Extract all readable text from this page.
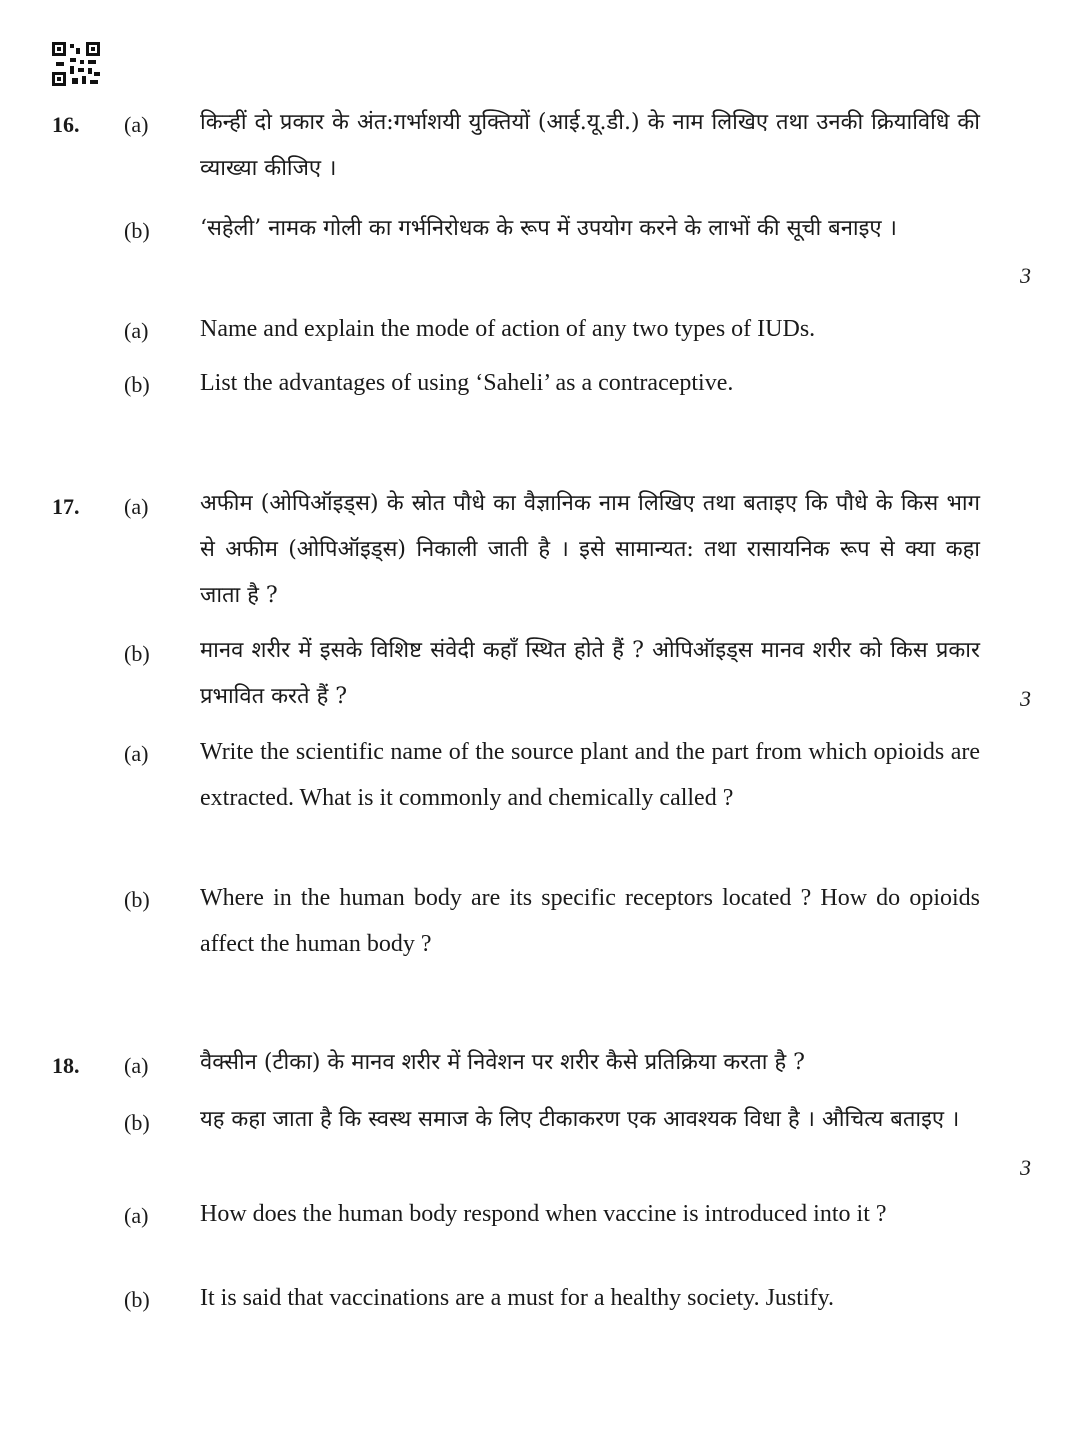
16. (a) किन्हीं दो प्रकार के अंत:गर्भाशयी युक्तियों (आई.यू.डी.) के नाम लिखिए तथा उनकी क्रियाविधि की व्याख्या कीजिए ।
(b) ‘सहेली’ नामक गोली का गर्भनिरोधक के रूप में उपयोग करने के लाभों की सूची बनाइए ।
3
(a) Name and explain the mode of action of any two types of IUDs.
(b) List the advantages of using ‘Saheli’ as a contraceptive.
17. (a) अफीम (ओपिऑइड्स) के स्रोत पौधे का वैज्ञानिक नाम लिखिए तथा बताइए कि पौधे के किस भाग से अफीम (ओपिऑइड्स) निकाली जाती है । इसे सामान्यत: तथा रासायनिक रूप से क्या कहा जाता है ?
(b) मानव शरीर में इसके विशिष्ट संवेदी कहाँ स्थित होते हैं ? ओपिऑइड्स मानव शरीर को किस प्रकार प्रभावित करते हैं ?	3
(a) Write the scientific name of the source plant and the part from which opioids are extracted. What is it commonly and chemically called ?
(b) Where in the human body are its specific receptors located ? How do opioids affect the human body ?
18. (a) वैक्सीन (टीका) के मानव शरीर में निवेशन पर शरीर कैसे प्रतिक्रिया करता है ?
(b) यह कहा जाता है कि स्वस्थ समाज के लिए टीकाकरण एक आवश्यक विधा है । औचित्य बताइए ।
3
(a) How does the human body respond when vaccine is introduced into it ?
(b) It is said that vaccinations are a must for a healthy society. Justify.
